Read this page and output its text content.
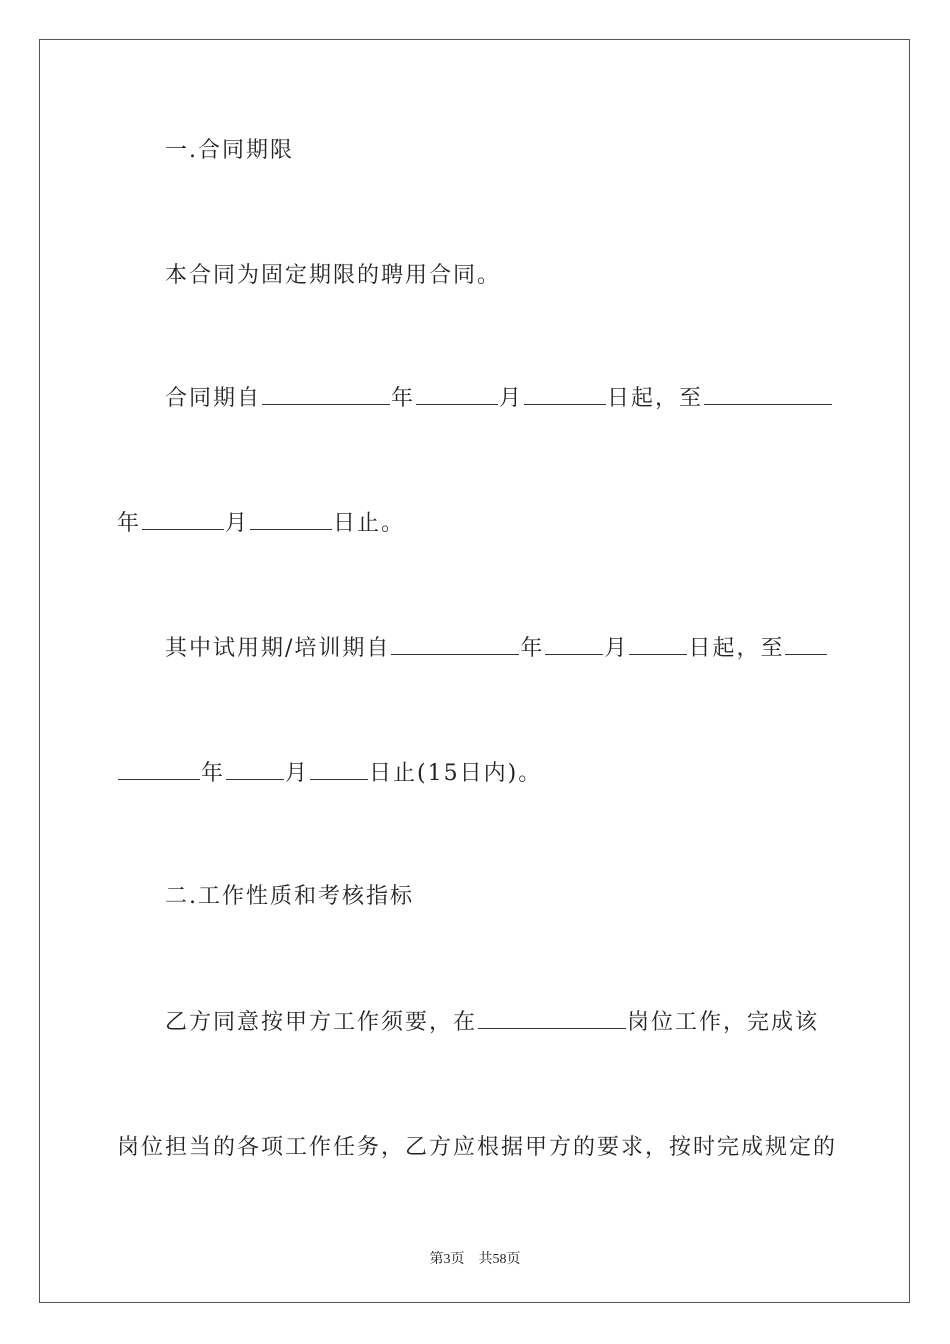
一.合同期限

本合同为固定期限的聘用合同。

合同期自	年	月	日起，至

年	月	日止。

其中试用期/培训期自	年	月	日起，至

年	月	日止(15日内)。

二.工作性质和考核指标

乙方同意按甲方工作须要，在	岗位工作，完成该

岗位担当的各项工作任务，乙方应根据甲方的要求，按时完成规定的

第3页 共58页
